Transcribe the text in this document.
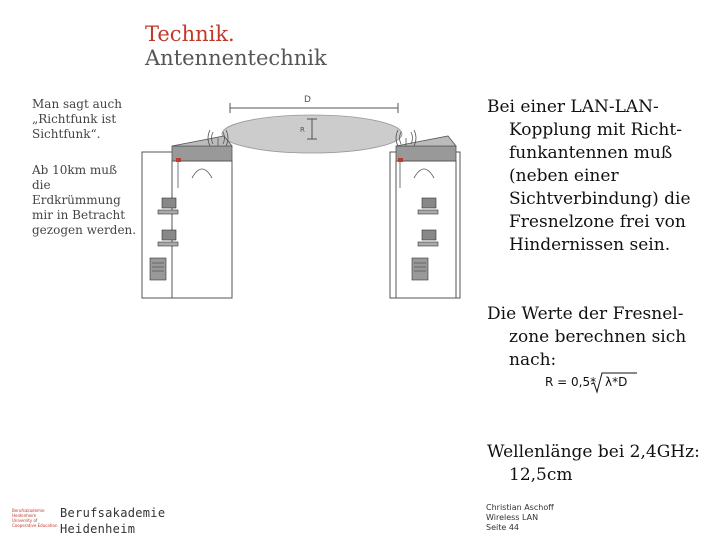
Technik.
Antennentechnik
Man sagt auch
„Richtfunk ist
Sichtfunk“.
Ab 10km muß
die
Erdkrümmung
mir in Betracht
gezogen werden.
D
R

Bei einer LAN-LAN-Kopplung mit Richt-funkantennen muß (neben einer Sichtverbindung) die Fresnelzone frei von Hindernissen sein.

Die Werte der Fresnel-zone berechnen sich nach:

R = 0,5* λ*D

Wellenlänge bei 2,4GHz: 12,5cm

Berufsakademie
Heidenheim
University of Cooperative Education
Berufsakademie
Heidenheim
Christian Aschoff
Wireless LAN
Seite 44
